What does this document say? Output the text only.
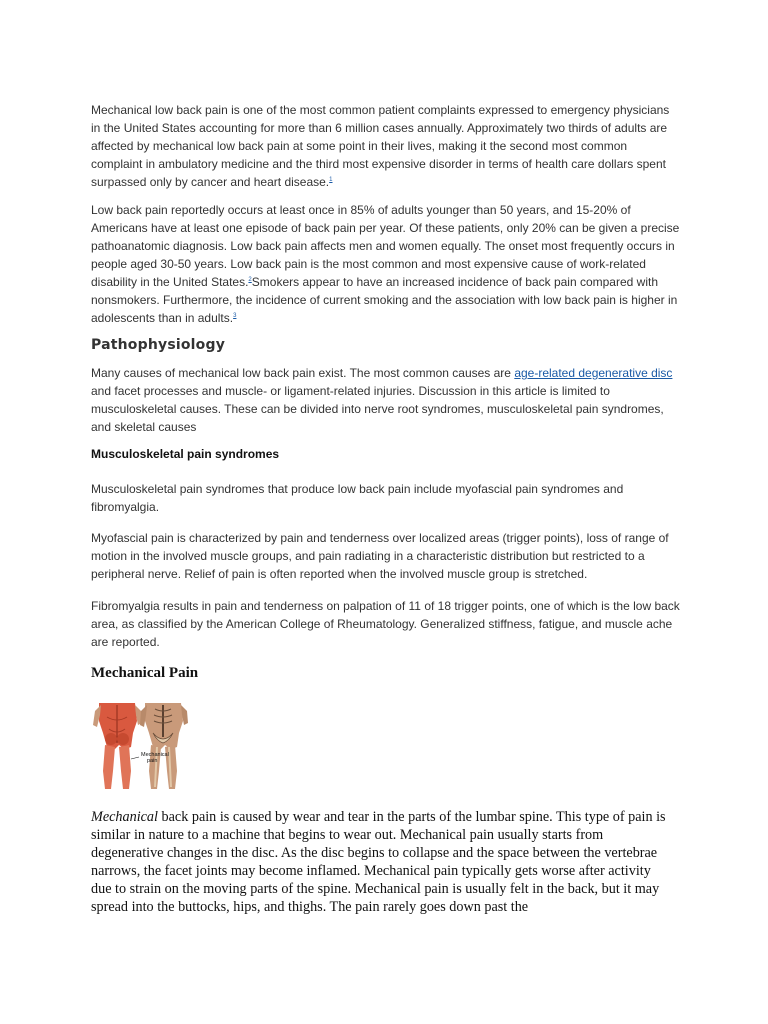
Mechanical low back pain is one of the most common patient complaints expressed to emergency physicians in the United States accounting for more than 6 million cases annually. Approximately two thirds of adults are affected by mechanical low back pain at some point in their lives, making it the second most common complaint in ambulatory medicine and the third most expensive disorder in terms of health care dollars spent surpassed only by cancer and heart disease.$^1$

Low back pain reportedly occurs at least once in 85% of adults younger than 50 years, and 15-20% of Americans have at least one episode of back pain per year. Of these patients, only 20% can be given a precise pathoanatomic diagnosis. Low back pain affects men and women equally. The onset most frequently occurs in people aged 30-50 years. Low back pain is the most common and most expensive cause of work-related disability in the United States.$^2$Smokers appear to have an increased incidence of back pain compared with nonsmokers. Furthermore, the incidence of current smoking and the association with low back pain is higher in adolescents than in adults.$^3$

Pathophysiology

Many causes of mechanical low back pain exist. The most common causes are age-related degenerative disc and facet processes and muscle- or ligament-related injuries. Discussion in this article is limited to musculoskeletal causes. These can be divided into nerve root syndromes, musculoskeletal pain syndromes, and skeletal causes

Musculoskeletal pain syndromes

Musculoskeletal pain syndromes that produce low back pain include myofascial pain syndromes and fibromyalgia.

Myofascial pain is characterized by pain and tenderness over localized areas (trigger points), loss of range of motion in the involved muscle groups, and pain radiating in a characteristic distribution but restricted to a peripheral nerve. Relief of pain is often reported when the involved muscle group is stretched.

Fibromyalgia results in pain and tenderness on palpation of 11 of 18 trigger points, one of which is the low back area, as classified by the American College of Rheumatology. Generalized stiffness, fatigue, and muscle ache are reported.

Mechanical Pain
Mechanical
pain

Mechanical back pain is caused by wear and tear in the parts of the lumbar spine. This type of pain is similar in nature to a machine that begins to wear out. Mechanical pain usually starts from degenerative changes in the disc. As the disc begins to collapse and the space between the vertebrae narrows, the facet joints may become inflamed. Mechanical pain typically gets worse after activity due to strain on the moving parts of the spine. Mechanical pain is usually felt in the back, but it may spread into the buttocks, hips, and thighs. The pain rarely goes down past the
